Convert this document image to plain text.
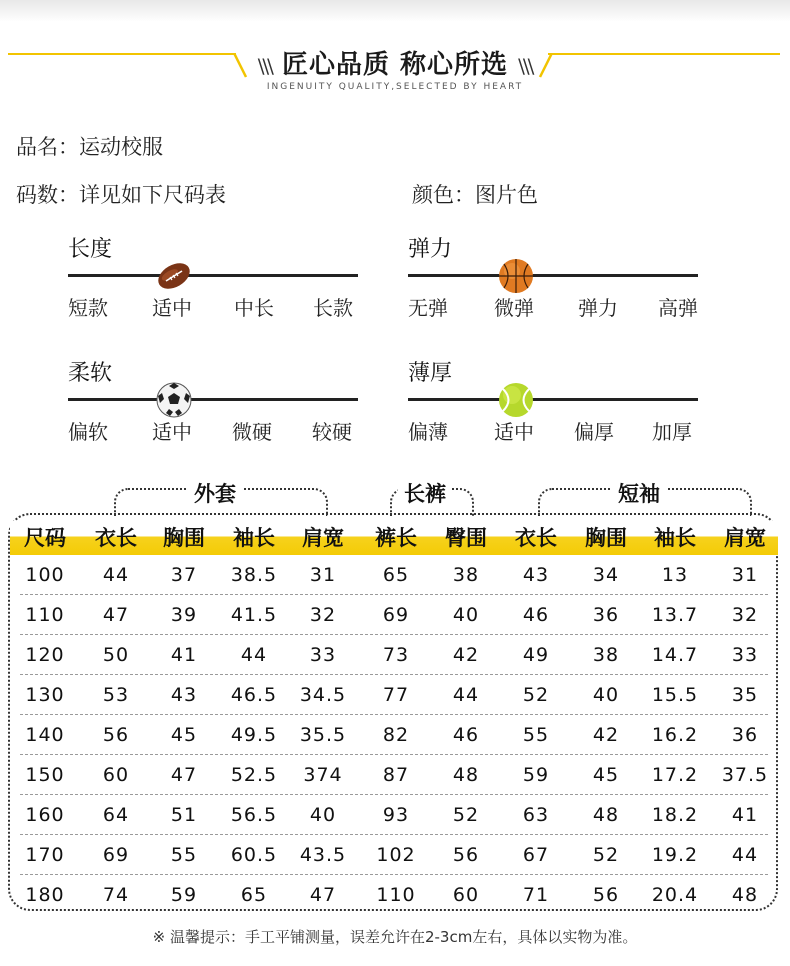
\\\ 匠心品质 称心所选 \\\
INGENUITY QUALITY,SELECTED BY HEART
品名：运动校服
码数：详见如下尺码表	颜色：图片色
长度
短款 适中 中长 长款
弹力
无弹 微弹 弹力 高弹
柔软
偏软 适中 微硬 较硬
薄厚
偏薄 适中 偏厚 加厚
外套	长裤	短袖
尺码	衣长	胸围	袖长	肩宽	裤长	臀围	衣长	胸围	袖长	肩宽
100	44	37	38.5	31	65	38	43	34	13	31
110	47	39	41.5	32	69	40	46	36	13.7	32
120	50	41	44	33	73	42	49	38	14.7	33
130	53	43	46.5	34.5	77	44	52	40	15.5	35
140	56	45	49.5	35.5	82	46	55	42	16.2	36
150	60	47	52.5	374	87	48	59	45	17.2	37.5
160	64	51	56.5	40	93	52	63	48	18.2	41
170	69	55	60.5	43.5	102	56	67	52	19.2	44
180	74	59	65	47	110	60	71	56	20.4	48
※ 温馨提示：手工平铺测量，误差允许在2-3cm左右，具体以实物为准。
